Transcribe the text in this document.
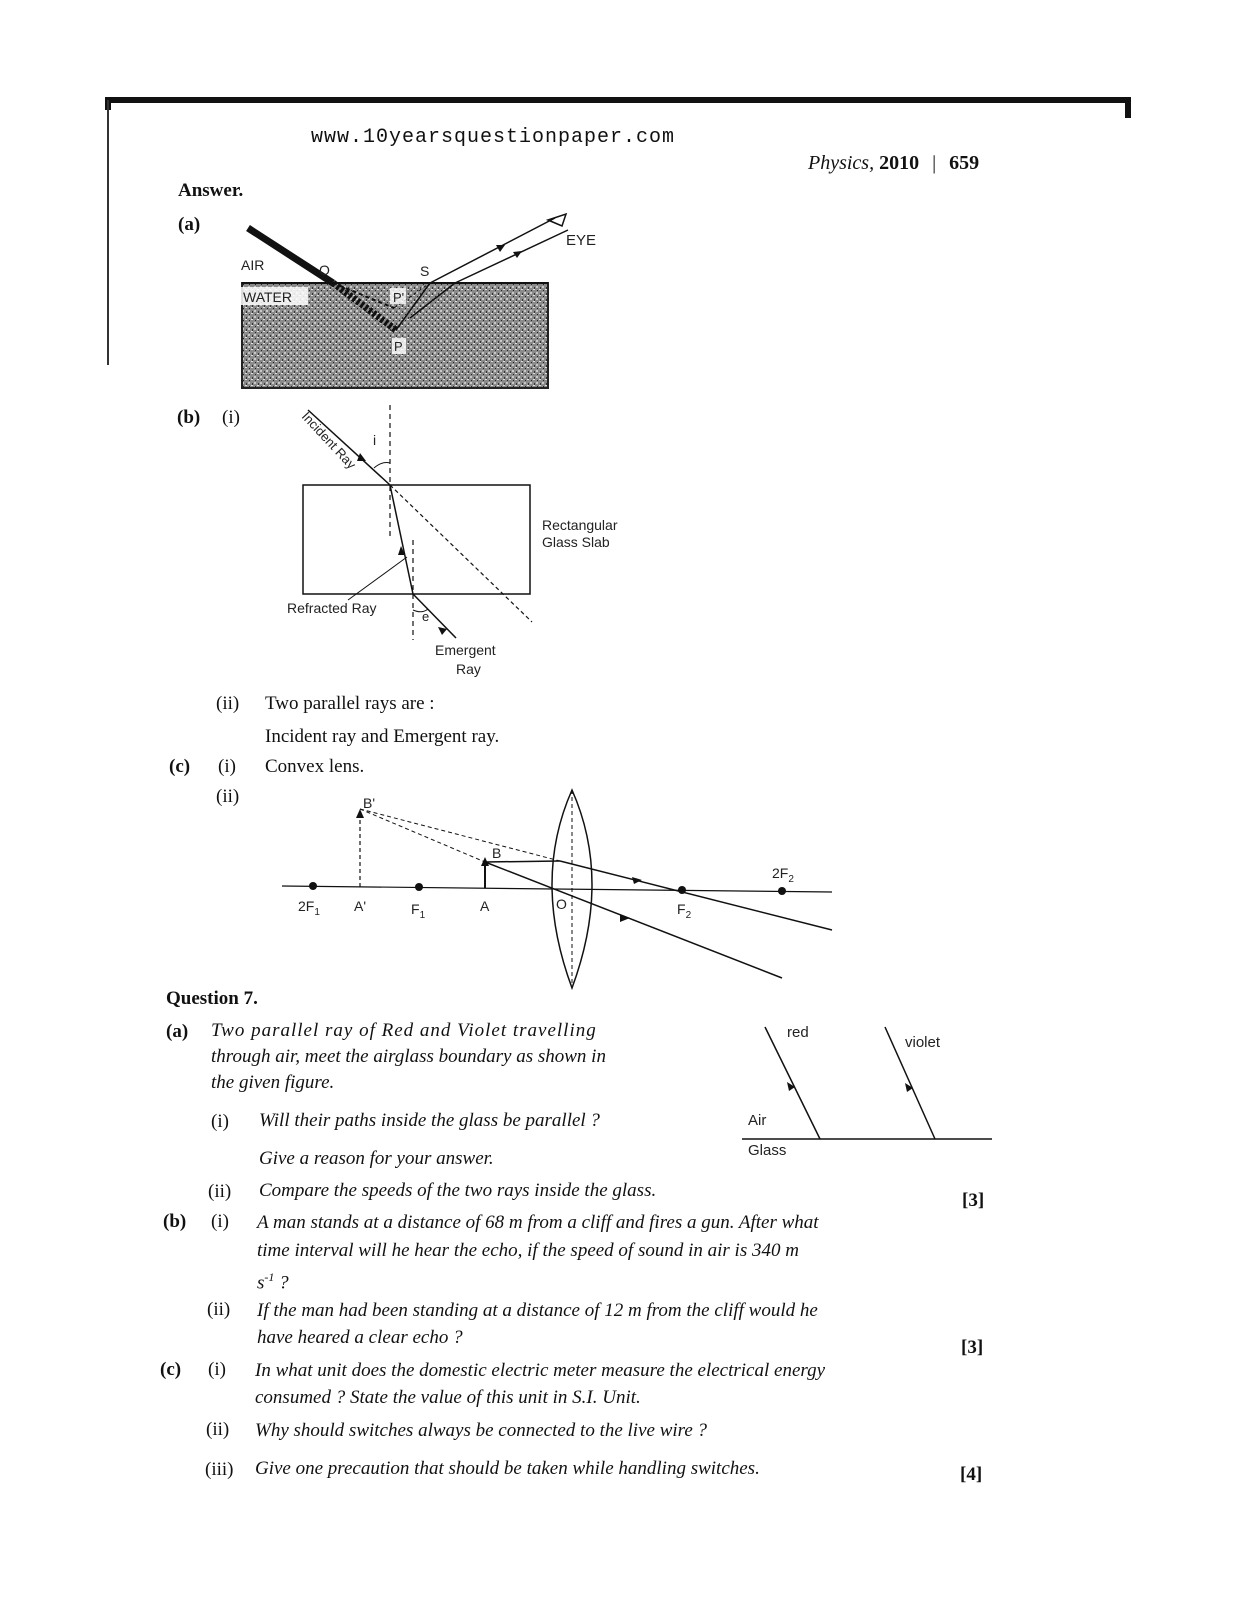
www.10yearsquestionpaper.com
Physics, 2010 | 659
Answer.
(a)
AIR	O	S
WATER	P'
P
EYE
(b) (i)	Incident Ray i
Rectangular
Glass Slab
Refracted Ray
e
Emergent
Ray
(ii) Two parallel rays are :
Incident ray and Emergent ray.
(c) (i) Convex lens.
(ii)	B'
B
$2F_1$ A'	$F_1$
A	O	$F_2$
$2F_2$
Question 7.
(a) Two parallel ray of Red and Violet travelling
through air, meet the airglass boundary as shown in
the given figure.
red
violet
Air
Glass
(i) Will their paths inside the glass be parallel ?
Give a reason for your answer.
(ii) Compare the speeds of the two rays inside the glass.	[3]
(b) (i) A man stands at a distance of 68 m from a cliff and fires a gun. After what
time interval will he hear the echo, if the speed of sound in air is 340 m
$s^{-1}$ ?
(ii) If the man had been standing at a distance of 12 m from the cliff would he
have heared a clear echo ?	[3]
(c) (i) In what unit does the domestic electric meter measure the electrical energy
consumed ? State the value of this unit in S.I. Unit.
(ii) Why should switches always be connected to the live wire ?
(iii) Give one precaution that should be taken while handling switches.	[4]
